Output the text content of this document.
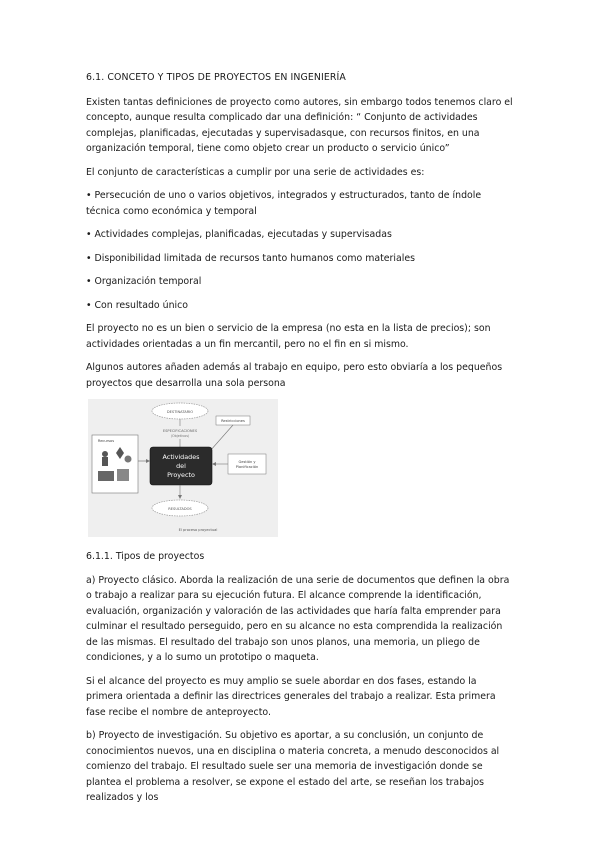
6.1. CONCETO Y TIPOS DE PROYECTOS EN INGENIERÍA

Existen tantas definiciones de proyecto como autores, sin embargo todos tenemos claro el concepto, aunque resulta complicado dar una definición: “ Conjunto de actividades complejas, planificadas, ejecutadas y supervisadasque, con recursos finitos, en una organización temporal, tiene como objeto crear un producto o servicio único”

El conjunto de características a cumplir por una serie de actividades es:

• Persecución de uno o varios objetivos, integrados y estructurados, tanto de índole técnica como económica y temporal

• Actividades complejas, planificadas, ejecutadas y supervisadas

• Disponibilidad limitada de recursos tanto humanos como materiales

• Organización temporal

• Con resultado único

El proyecto no es un bien o servicio de la empresa (no esta en la lista de precios); son actividades orientadas a un fin mercantil, pero no el fin en si mismo.

Algunos autores añaden además al trabajo en equipo, pero esto obviaría a los pequeños proyectos que desarrolla una sola persona

DESTINATARIO
ESPECIFICACIONES
(Objetivos)
Restricciones
Recursos
Actividades
del
Proyecto
Gestión y
Planificación
RESULTADOS
El proceso proyectual

6.1.1. Tipos de proyectos

a) Proyecto clásico. Aborda la realización de una serie de documentos que definen la obra o trabajo a realizar para su ejecución futura. El alcance comprende la identificación, evaluación, organización y valoración de las actividades que haría falta emprender para culminar el resultado perseguido, pero en su alcance no esta comprendida la realización de las mismas. El resultado del trabajo son unos planos, una memoria, un pliego de condiciones, y a lo sumo un prototipo o maqueta.

Si el alcance del proyecto es muy amplio se suele abordar en dos fases, estando la primera orientada a definir las directrices generales del trabajo a realizar. Esta primera fase recibe el nombre de anteproyecto.

b) Proyecto de investigación. Su objetivo es aportar, a su conclusión, un conjunto de conocimientos nuevos, una en disciplina o materia concreta, a menudo desconocidos al comienzo del trabajo. El resultado suele ser una memoria de investigación donde se plantea el problema a resolver, se expone el estado del arte, se reseñan los trabajos realizados y los
